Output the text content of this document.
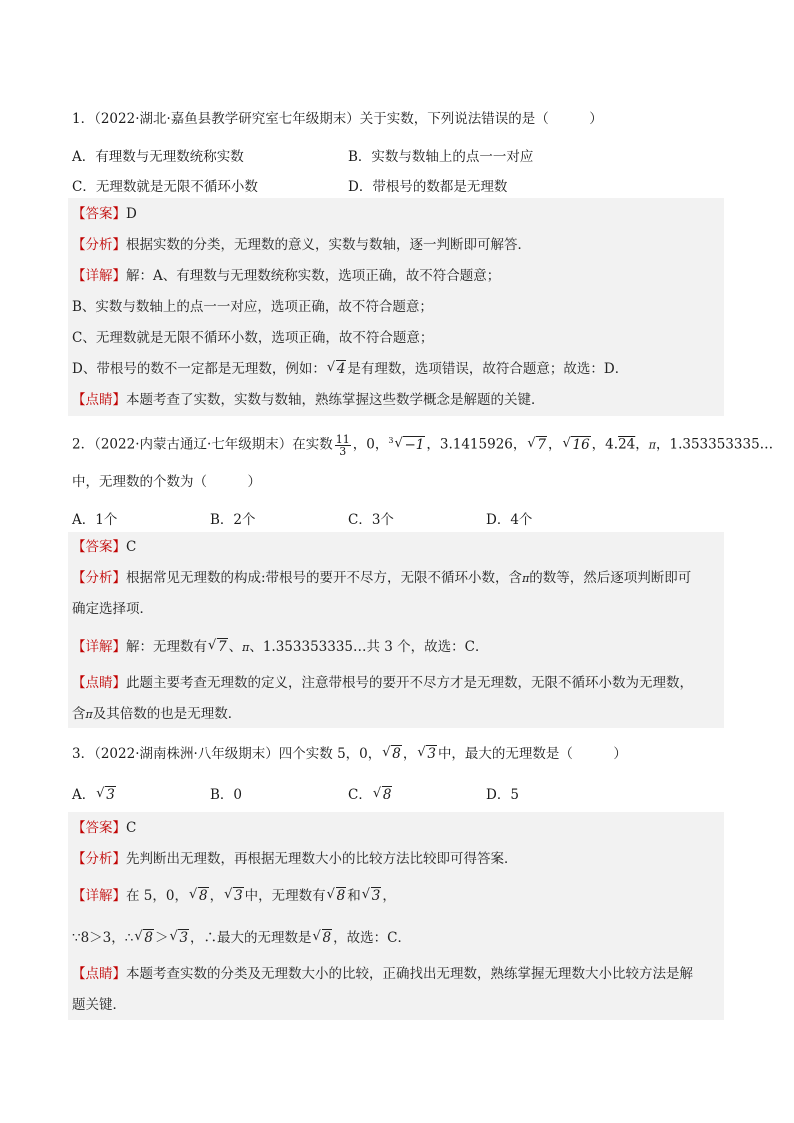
1．（2022·湖北·嘉鱼县教学研究室七年级期末）关于实数，下列说法错误的是（　　　）
A．有理数与无理数统称实数	B．实数与数轴上的点一一对应
C．无理数就是无限不循环小数	D．带根号的数都是无理数
【答案】D
【分析】根据实数的分类，无理数的意义，实数与数轴，逐一判断即可解答．
【详解】解：A、有理数与无理数统称实数，选项正确，故不符合题意；
B、实数与数轴上的点一一对应，选项正确，故不符合题意；
C、无理数就是无限不循环小数，选项正确，故不符合题意；
D、带根号的数不一定都是无理数，例如： √ 4 是有理数，选项错误，故符合题意；故选：D．
【点睛】本题考查了实数，实数与数轴，熟练掌握这些数学概念是解题的关键．
2．（2022·内蒙古通辽·七年级期末）在实数 $\frac{11}{3}$ ，0，$^3$ √ −1 ，3.1415926， √ 7 ， √ 16 ，4.24，π，1.353353335…
中，无理数的个数为（　　　）
A．1个	B．2个	C．3个	D．4个
【答案】C
【分析】根据常见无理数的构成:带根号的要开不尽方，无限不循环小数，含π的数等，然后逐项判断即可
确定选择项．
【详解】解：无理数有 √ 7 、π、1.353353335…共 3 个，故选：C．
【点睛】此题主要考查无理数的定义，注意带根号的要开不尽方才是无理数，无限不循环小数为无理数，
含π及其倍数的也是无理数．
3．（2022·湖南株洲·八年级期末）四个实数 5，0， √ 8 ， √ 3 中，最大的无理数是（　　　）
A． √ 3	B．0	C． √ 8	D．5
【答案】C
【分析】先判断出无理数，再根据无理数大小的比较方法比较即可得答案．
【详解】在 5，0， √ 8 ， √ 3 中，无理数有 √ 8 和 √ 3 ，
∵8＞3，∴ √ 8 ＞ √ 3 ，∴最大的无理数是 √ 8 ，故选：C．
【点睛】本题考查实数的分类及无理数大小的比较，正确找出无理数，熟练掌握无理数大小比较方法是解
题关键．
